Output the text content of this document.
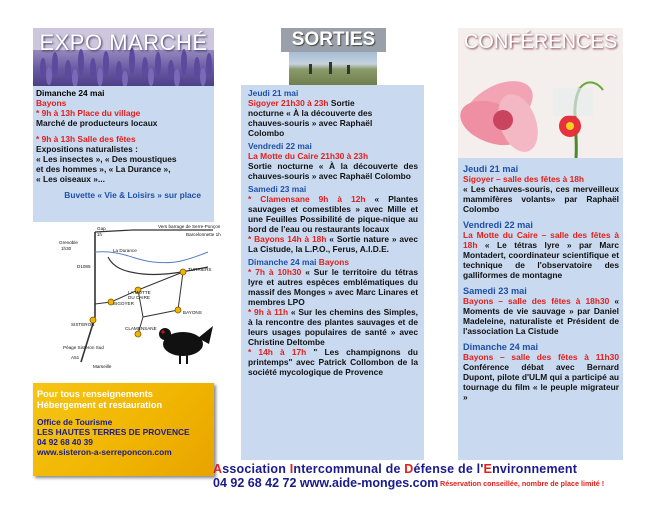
EXPO MARCHÉ
Dimanche 24 mai
Bayons
* 9h à 13h Place du village
Marché de producteurs locaux
* 9h à 13h Salle des fêtes
Expositions naturalistes :
« Les insectes », « Des moustiques
et des hommes », « La Durance »,
« Les oiseaux »...
Buvette « Vie & Loisirs » sur place
Gap
1h
Vers barrage de Serre-Ponçon
Barcelonnette 1h
Grenoble
1h30	La Durance
D1085
TURRIERS
LA MOTTE
DU CAIRE
SIGOYER
BAYONS
CLAMENSANE
SISTERON
Péage Sisteron Sud
A51
Marseille
Pour tous renseignements
Hébergement et restauration
Office de Tourisme
LES HAUTES TERRES DE PROVENCE
04 92 68 40 39
www.sisteron-a-serreponcon.com
SORTIES
Jeudi 21 mai
Sigoyer 21h30 à 23h Sortie
nocturne « À la découverte des
chauves-souris » avec Raphaël
Colombo
Vendredi 22 mai
La Motte du Caire 21h30 à 23h
Sortie nocturne « À la découverte des chauves-souris » avec Raphaël Colombo
Samedi 23 mai
* Clamensane 9h à 12h « Plantes sauvages et comestibles » avec Mille et une Feuilles Possibilité de pique-nique au bord de l'eau ou restaurants locaux
* Bayons 14h à 18h « Sortie nature » avec La Cistude, la L.P.O., Ferus, A.I.D.E.
Dimanche 24 mai Bayons
* 7h à 10h30 « Sur le territoire du tétras lyre et autres espèces emblématiques du massif des Monges » avec Marc Linares et membres LPO
* 9h à 11h « Sur les chemins des Simples, à la rencontre des plantes sauvages et de leurs usages populaires de santé » avec Christine Deltombe
* 14h à 17h " Les champignons du printemps" avec Patrick Collombon de la société mycologique de Provence
CONFÉRENCES
Jeudi 21 mai
Sigoyer – salle des fêtes à 18h
« Les chauves-souris, ces merveilleux mammifères volants» par Raphaël Colombo
Vendredi 22 mai
La Motte du Caire – salle des fêtes à 18h « Le tétras lyre » par Marc Montadert, coordinateur scientifique et technique de l'observatoire des galliformes de montagne
Samedi 23 mai
Bayons – salle des fêtes à 18h30 « Moments de vie sauvage » par Daniel Madeleine, naturaliste et Président de l'association La Cistude
Dimanche 24 mai
Bayons – salle des fêtes à 11h30 Conférence débat avec Bernard Dupont, pilote d'ULM qui a participé au tournage du film « le peuple migrateur »
Association Intercommunal de Défense de l'Environnement
04 92 68 42 72 www.aide-monges.com Réservation conseillée, nombre de place limité !
